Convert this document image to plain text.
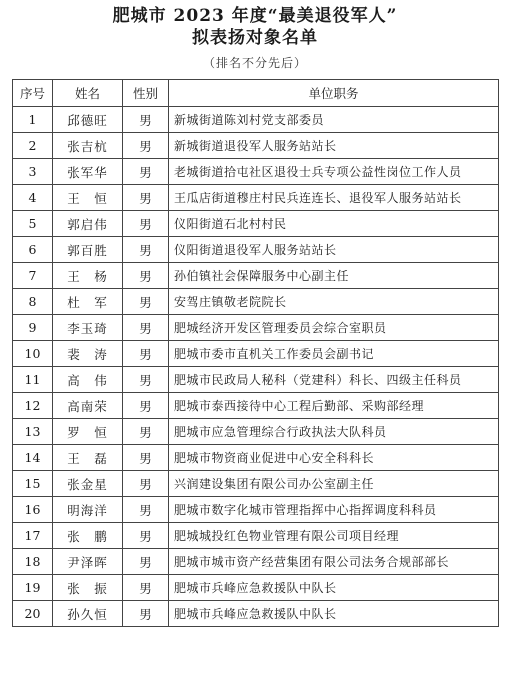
肥城市 2023 年度“最美退役军人”
拟表扬对象名单
（排名不分先后）
序号	姓名	性别	单位职务
1	邱德旺	男	新城街道陈刘村党支部委员
2	张吉杭	男	新城街道退役军人服务站站长
3	张军华	男	老城街道拾屯社区退役士兵专项公益性岗位工作人员
4	王　恒	男	王瓜店街道穆庄村民兵连连长、退役军人服务站站长
5	郭启伟	男	仪阳街道石北村村民
6	郭百胜	男	仪阳街道退役军人服务站站长
7	王　杨	男	孙伯镇社会保障服务中心副主任
8	杜　军	男	安驾庄镇敬老院院长
9	李玉琦	男	肥城经济开发区管理委员会综合室职员
10	裴　涛	男	肥城市委市直机关工作委员会副书记
11	高　伟	男	肥城市民政局人秘科（党建科）科长、四级主任科员
12	高南荣	男	肥城市泰西接待中心工程后勤部、采购部经理
13	罗　恒	男	肥城市应急管理综合行政执法大队科员
14	王　磊	男	肥城市物资商业促进中心安全科科长
15	张金星	男	兴润建设集团有限公司办公室副主任
16	明海洋	男	肥城市数字化城市管理指挥中心指挥调度科科员
17	张　鹏	男	肥城城投红色物业管理有限公司项目经理
18	尹泽晖	男	肥城市城市资产经营集团有限公司法务合规部部长
19	张　振	男	肥城市兵峰应急救援队中队长
20	孙久恒	男	肥城市兵峰应急救援队中队长
